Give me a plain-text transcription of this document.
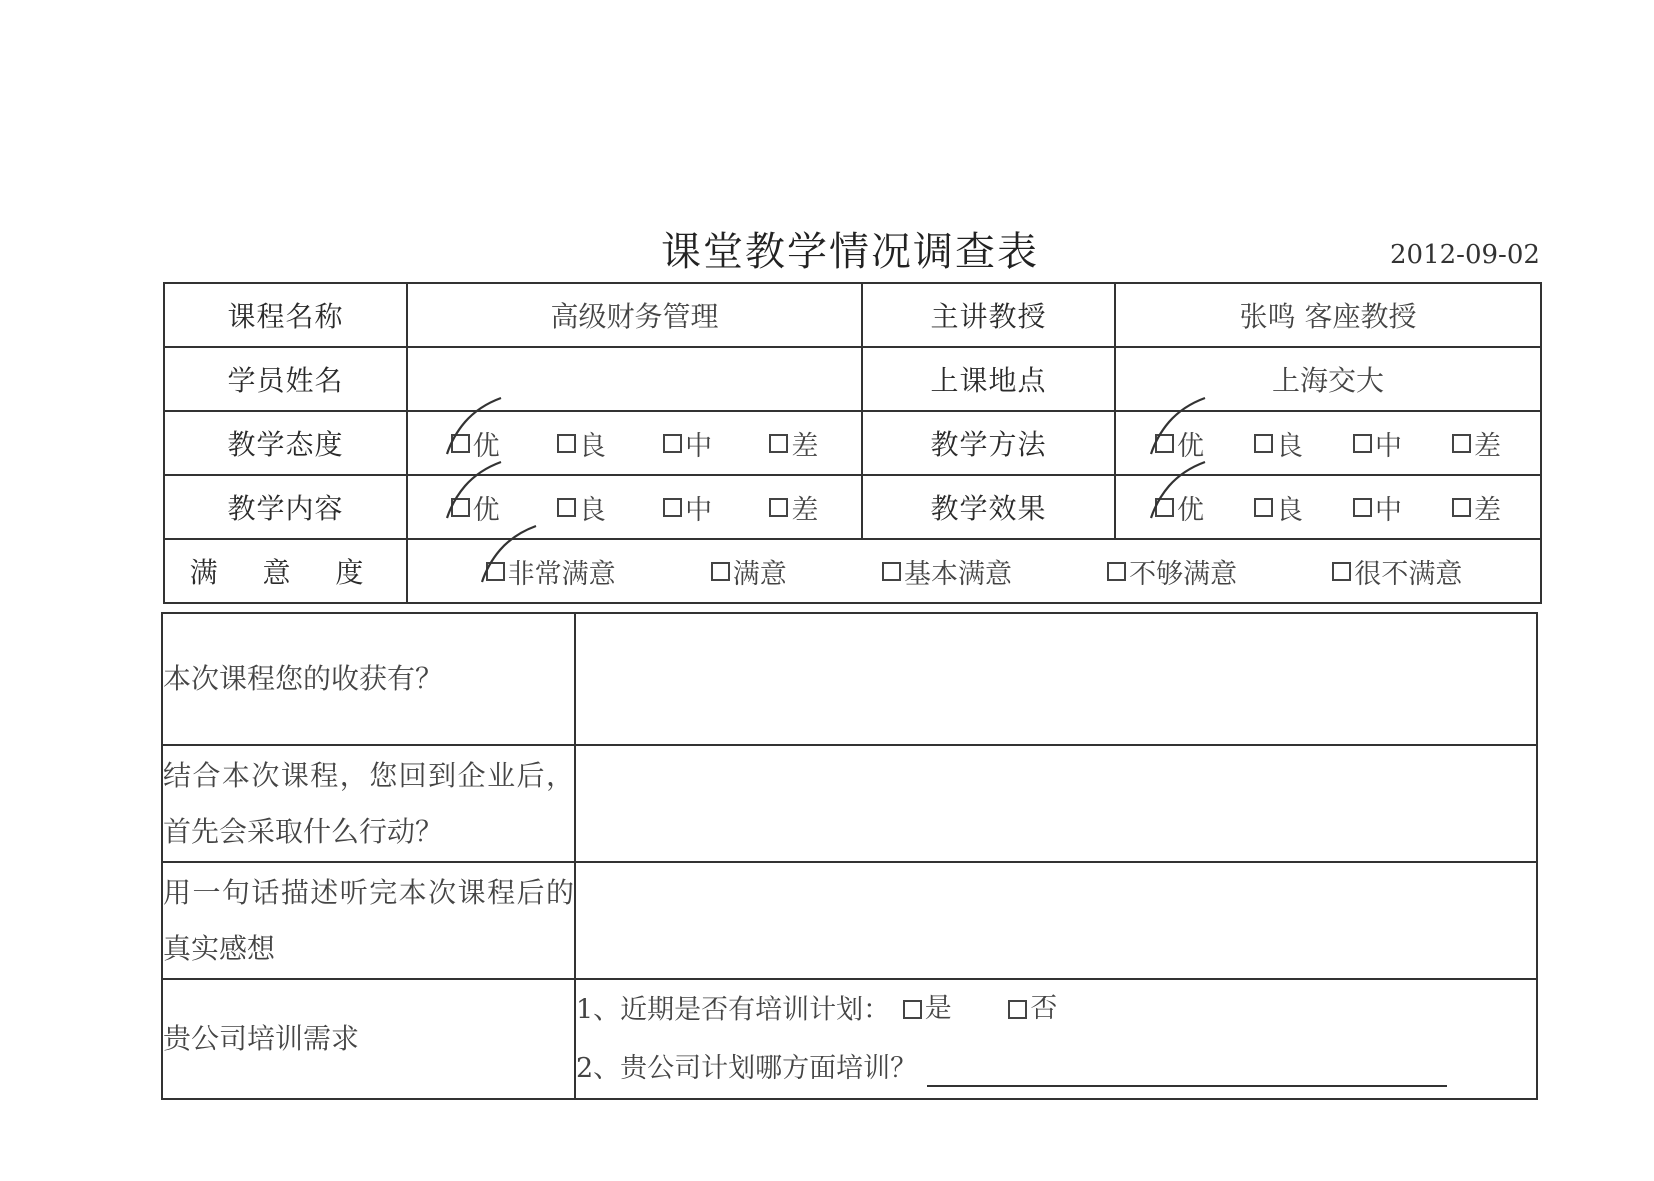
课堂教学情况调查表	2012-09-02
课程名称	高级财务管理	主讲教授	张鸣 客座教授
学员姓名		上课地点	上海交大
教学态度	优 良 中 差	教学方法	优 良 中 差

教学内容	优 良 中 差	教学效果	优 良 中 差

满 意 度	非常满意 满意 基本满意 不够满意 很不满意		
本次课程您的收获有？	
结合本次课程，您回到企业后，首先会采取什么行动？	
用一句话描述听完本次课程后的真实感想	
贵公司培训需求	1、近期是否有培训计划： 是
否
2、贵公司计划哪方面培训？
